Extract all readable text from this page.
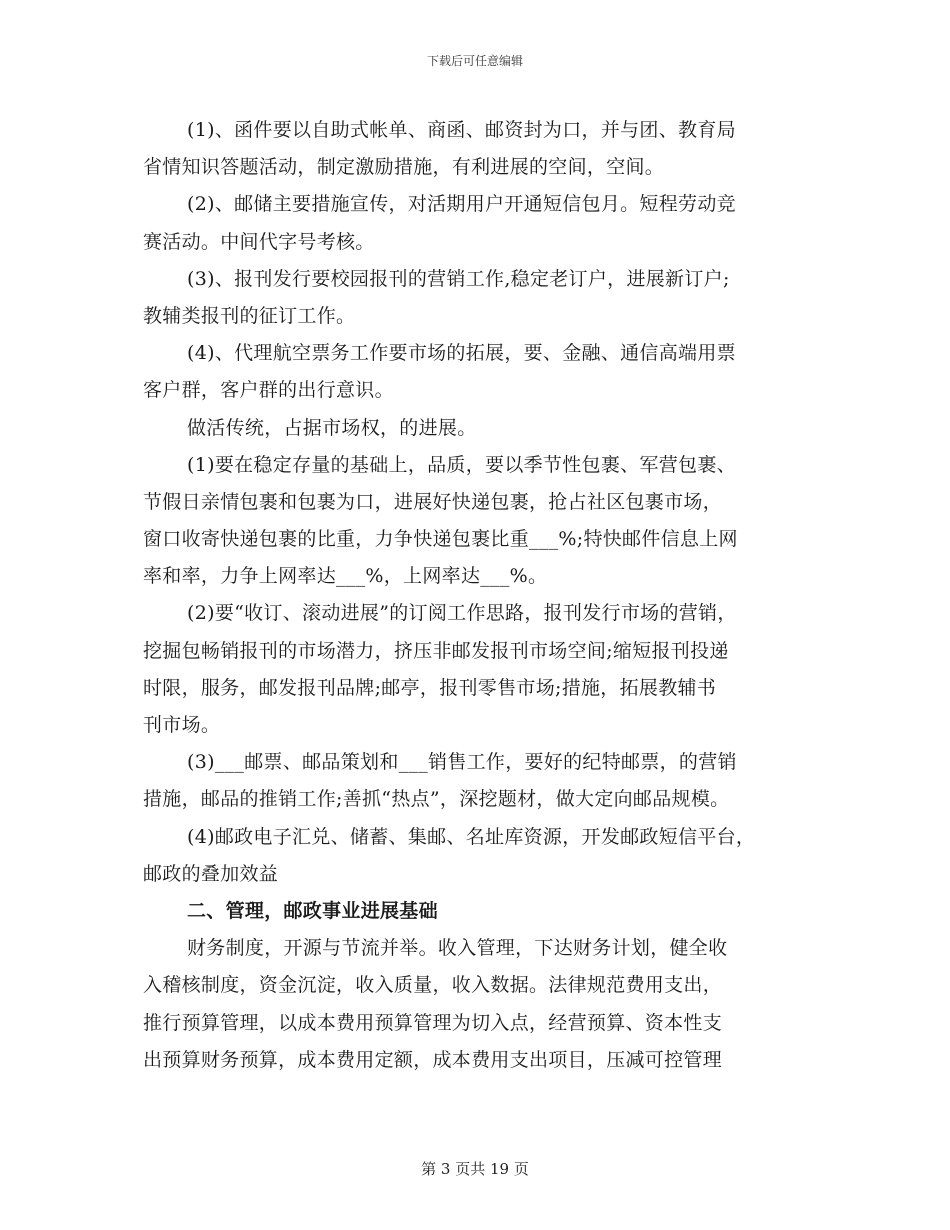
下载后可任意编辑
(1)、函件要以自助式帐单、商函、邮资封为口，并与团、教育局
省情知识答题活动，制定激励措施，有利进展的空间，空间。
(2)、邮储主要措施宣传，对活期用户开通短信包月。短程劳动竞
赛活动。中间代字号考核。
(3)、报刊发行要校园报刊的营销工作,稳定老订户，进展新订户;
教辅类报刊的征订工作。
(4)、代理航空票务工作要市场的拓展，要、金融、通信高端用票
客户群，客户群的出行意识。
做活传统，占据市场权，的进展。
(1)要在稳定存量的基础上，品质，要以季节性包裹、军营包裹、
节假日亲情包裹和包裹为口，进展好快递包裹，抢占社区包裹市场，
窗口收寄快递包裹的比重，力争快递包裹比重___%;特快邮件信息上网
率和率，力争上网率达___%，上网率达___%。
(2)要“收订、滚动进展”的订阅工作思路，报刊发行市场的营销，
挖掘包畅销报刊的市场潜力，挤压非邮发报刊市场空间;缩短报刊投递
时限，服务，邮发报刊品牌;邮亭，报刊零售市场;措施，拓展教辅书
刊市场。
(3)___邮票、邮品策划和___销售工作，要好的纪特邮票，的营销
措施，邮品的推销工作;善抓“热点”，深挖题材，做大定向邮品规模。
(4)邮政电子汇兑、储蓄、集邮、名址库资源，开发邮政短信平台，
邮政的叠加效益
二、管理，邮政事业进展基础
财务制度，开源与节流并举。收入管理，下达财务计划，健全收
入稽核制度，资金沉淀，收入质量，收入数据。法律规范费用支出，
推行预算管理，以成本费用预算管理为切入点，经营预算、资本性支
出预算财务预算，成本费用定额，成本费用支出项目，压减可控管理
第 3 页共 19 页
